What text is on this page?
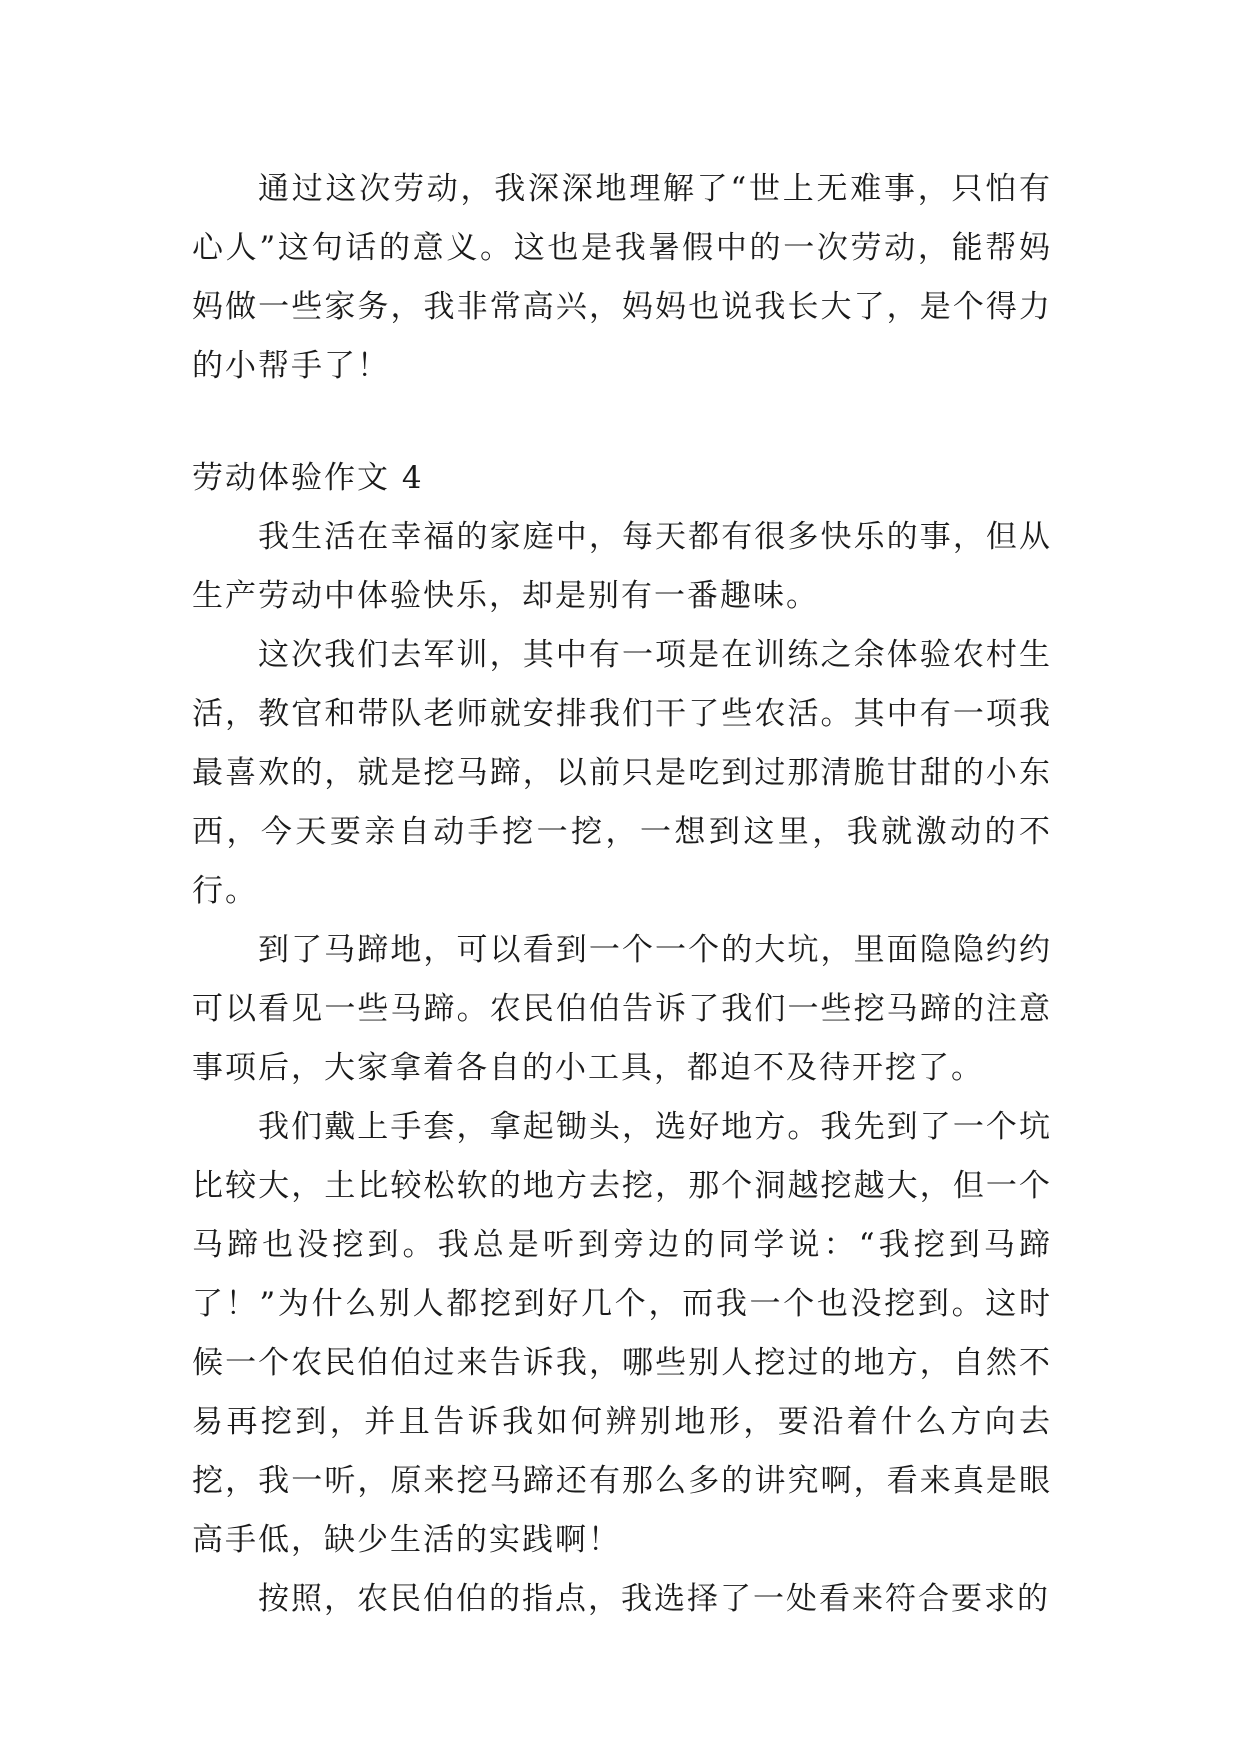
通过这次劳动，我深深地理解了“世上无难事，只怕有心人”这句话的意义。这也是我暑假中的一次劳动，能帮妈妈做一些家务，我非常高兴，妈妈也说我长大了，是个得力的小帮手了！

劳动体验作文 4

我生活在幸福的家庭中，每天都有很多快乐的事，但从生产劳动中体验快乐，却是别有一番趣味。

这次我们去军训，其中有一项是在训练之余体验农村生活，教官和带队老师就安排我们干了些农活。其中有一项我最喜欢的，就是挖马蹄，以前只是吃到过那清脆甘甜的小东西，今天要亲自动手挖一挖，一想到这里，我就激动的不行。

到了马蹄地，可以看到一个一个的大坑，里面隐隐约约可以看见一些马蹄。农民伯伯告诉了我们一些挖马蹄的注意事项后，大家拿着各自的小工具，都迫不及待开挖了。

我们戴上手套，拿起锄头，选好地方。我先到了一个坑比较大，土比较松软的地方去挖，那个洞越挖越大，但一个马蹄也没挖到。我总是听到旁边的同学说：“我挖到马蹄了！”为什么别人都挖到好几个，而我一个也没挖到。这时候一个农民伯伯过来告诉我，哪些别人挖过的地方，自然不易再挖到，并且告诉我如何辨别地形，要沿着什么方向去挖，我一听，原来挖马蹄还有那么多的讲究啊，看来真是眼高手低，缺少生活的实践啊！

按照，农民伯伯的指点，我选择了一处看来符合要求的
